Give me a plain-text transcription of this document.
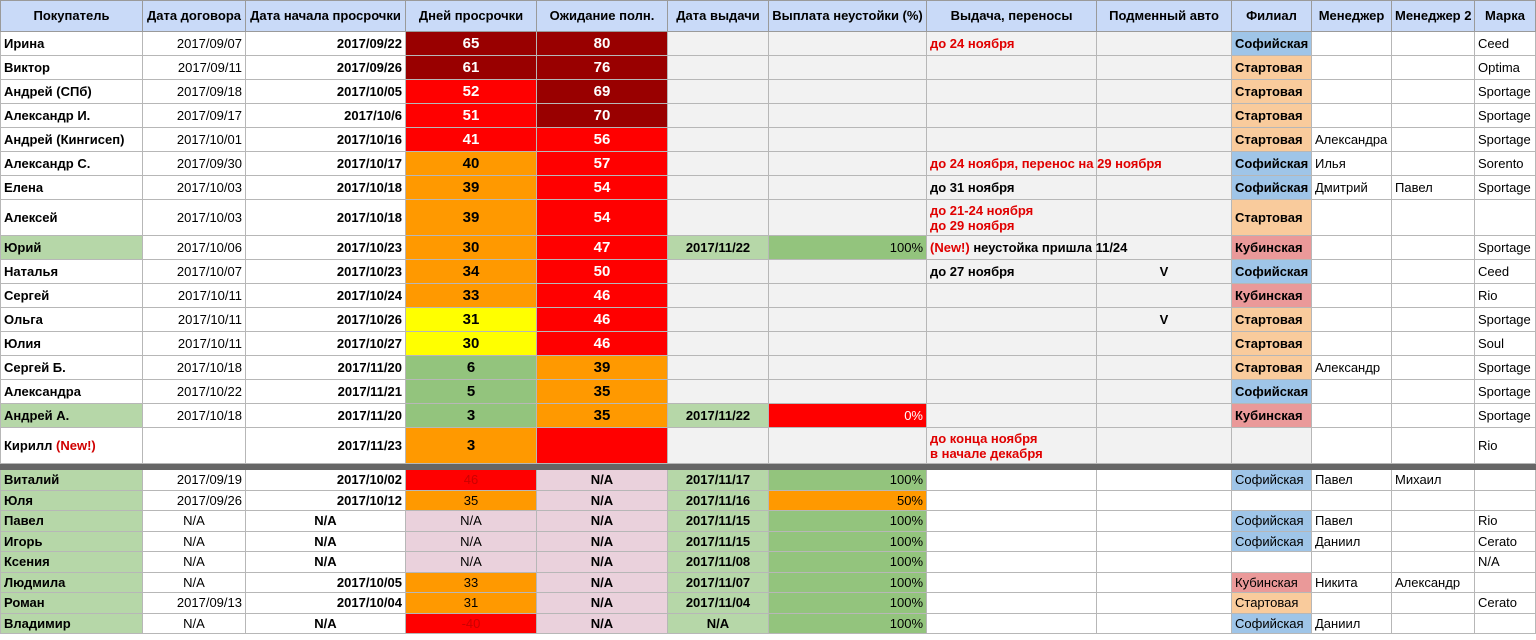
Покупатель	Дата договора	Дата начала просрочки	Дней просрочки	Ожидание полн.	Дата выдачи	Выплата неустойки (%)	Выдача, переносы	Подменный авто	Филиал	Менеджер	Менеджер 2	Марка
Ирина	2017/09/07	2017/09/22	65	80			до 24 ноября		Софийская			Ceed
Виктор	2017/09/11	2017/09/26	61	76					Стартовая			Optima
Андрей (СПб)	2017/09/18	2017/10/05	52	69					Стартовая			Sportage
Александр И.	2017/09/17	2017/10/6	51	70					Стартовая			Sportage
Андрей (Кингисеп)	2017/10/01	2017/10/16	41	56					Стартовая	Александра		Sportage
Александр С.	2017/09/30	2017/10/17	40	57			до 24 ноября, перенос на 29 ноября		Софийская	Илья		Sorento
Елена	2017/10/03	2017/10/18	39	54			до 31 ноября		Софийская	Дмитрий	Павел	Sportage
Алексей	2017/10/03	2017/10/18	39	54			до 21-24 ноября
до 29 ноября		Стартовая			
Юрий	2017/10/06	2017/10/23	30	47	2017/11/22	100%	(New!) неустойка пришла 11/24		Кубинская			Sportage
Наталья	2017/10/07	2017/10/23	34	50			до 27 ноября	V	Софийская			Ceed
Сергей	2017/10/11	2017/10/24	33	46					Кубинская			Rio
Ольга	2017/10/11	2017/10/26	31	46				V	Стартовая			Sportage
Юлия	2017/10/11	2017/10/27	30	46					Стартовая			Soul
Сергей Б.	2017/10/18	2017/11/20	6	39					Стартовая	Александр		Sportage
Александра	2017/10/22	2017/11/21	5	35					Софийская			Sportage
Андрей А.	2017/10/18	2017/11/20	3	35	2017/11/22	0%			Кубинская			Sportage
Кирилл (New!)		2017/11/23	3				до конца ноября
в начале декабря					Rio

Виталий	2017/09/19	2017/10/02	46	N/A	2017/11/17	100%			Софийская	Павел	Михаил	
Юля	2017/09/26	2017/10/12	35	N/A	2017/11/16	50%						
Павел	N/A	N/A	N/A	N/A	2017/11/15	100%			Софийская	Павел		Rio
Игорь	N/A	N/A	N/A	N/A	2017/11/15	100%			Софийская	Даниил		Cerato
Ксения	N/A	N/A	N/A	N/A	2017/11/08	100%						N/A
Людмила	N/A	2017/10/05	33	N/A	2017/11/07	100%			Кубинская	Никита	Александр	
Роман	2017/09/13	2017/10/04	31	N/A	2017/11/04	100%			Стартовая			Cerato
Владимир	N/A	N/A	-40	N/A	N/A	100%			Софийская	Даниил		
